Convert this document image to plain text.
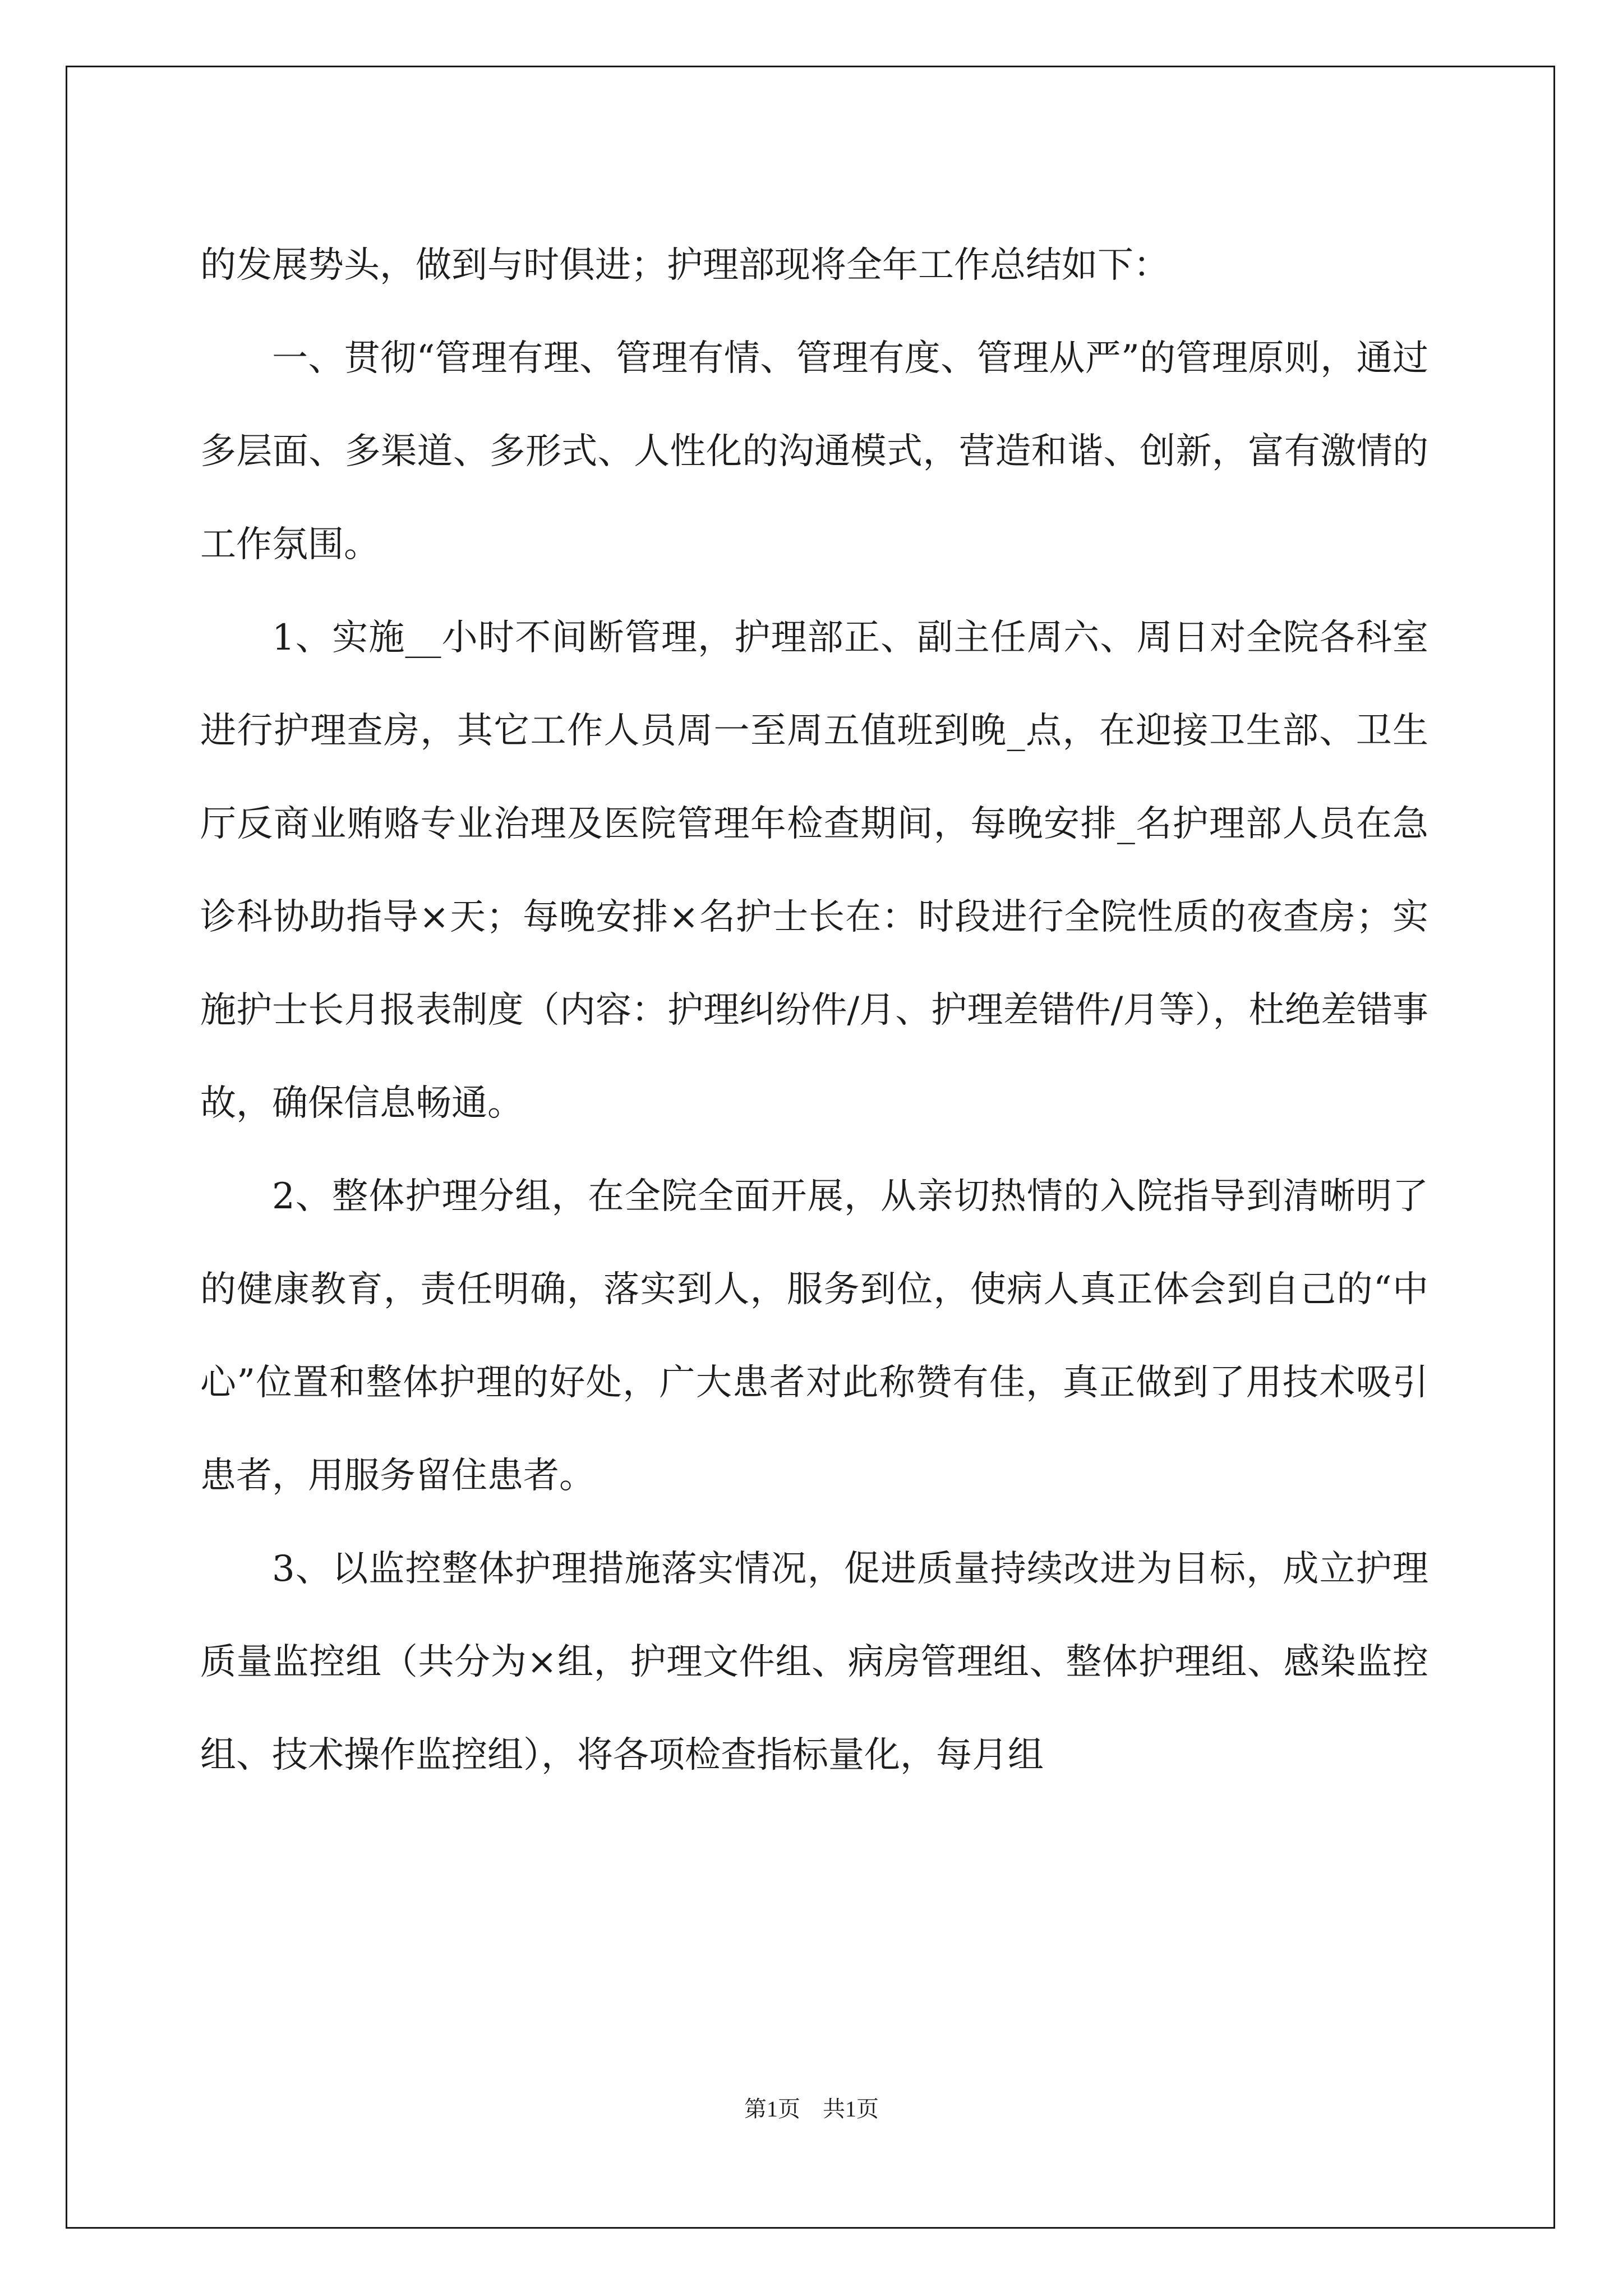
的发展势头，做到与时俱进；护理部现将全年工作总结如下：

一、贯彻“管理有理、管理有情、管理有度、管理从严”的管理原则，通过多层面、多渠道、多形式、人性化的沟通模式，营造和谐、创新，富有激情的工作氛围。

1、实施__小时不间断管理，护理部正、副主任周六、周日对全院各科室进行护理查房，其它工作人员周一至周五值班到晚_点，在迎接卫生部、卫生厅反商业贿赂专业治理及医院管理年检查期间，每晚安排_名护理部人员在急诊科协助指导×天；每晚安排×名护士长在：时段进行全院性质的夜查房；实施护士长月报表制度（内容：护理纠纷件/月、护理差错件/月等），杜绝差错事故，确保信息畅通。

2、整体护理分组，在全院全面开展，从亲切热情的入院指导到清晰明了的健康教育，责任明确，落实到人，服务到位，使病人真正体会到自己的“中心”位置和整体护理的好处，广大患者对此称赞有佳，真正做到了用技术吸引患者，用服务留住患者。

3、以监控整体护理措施落实情况，促进质量持续改进为目标，成立护理质量监控组（共分为×组，护理文件组、病房管理组、整体护理组、感染监控组、技术操作监控组），将各项检查指标量化，每月组

第1页　共1页
